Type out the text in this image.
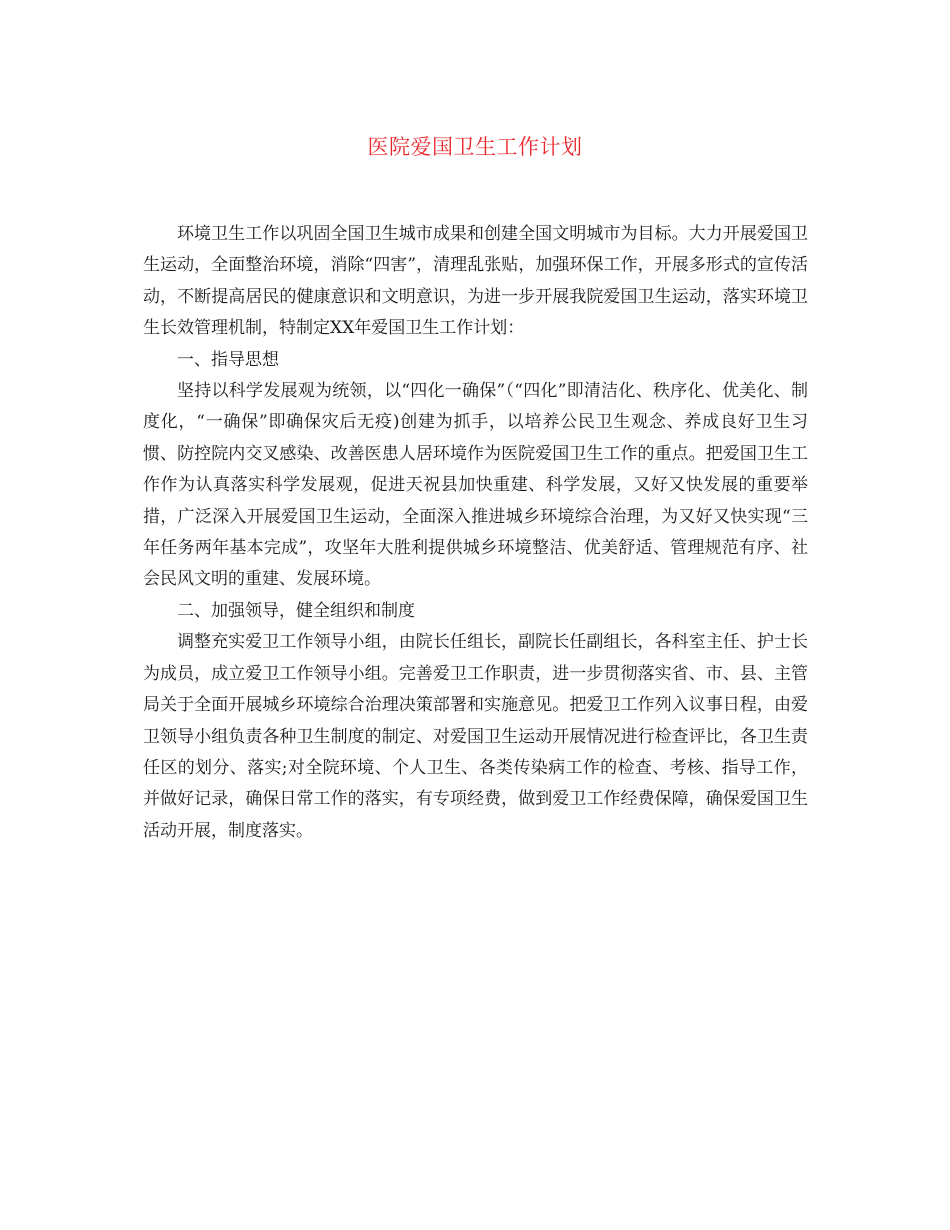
医院爱国卫生工作计划

环境卫生工作以巩固全国卫生城市成果和创建全国文明城市为目标。大力开展爱国卫生运动，全面整治环境，消除“四害”，清理乱张贴，加强环保工作，开展多形式的宣传活动，不断提高居民的健康意识和文明意识，为进一步开展我院爱国卫生运动，落实环境卫生长效管理机制，特制定XX年爱国卫生工作计划：

一、指导思想

坚持以科学发展观为统领，以“四化一确保”（“四化”即清洁化、秩序化、优美化、制度化，“一确保”即确保灾后无疫)创建为抓手，以培养公民卫生观念、养成良好卫生习惯、防控院内交叉感染、改善医患人居环境作为医院爱国卫生工作的重点。把爱国卫生工作作为认真落实科学发展观，促进天祝县加快重建、科学发展，又好又快发展的重要举措，广泛深入开展爱国卫生运动，全面深入推进城乡环境综合治理，为又好又快实现“三年任务两年基本完成”，攻坚年大胜利提供城乡环境整洁、优美舒适、管理规范有序、社会民风文明的重建、发展环境。

二、加强领导，健全组织和制度

调整充实爱卫工作领导小组，由院长任组长，副院长任副组长，各科室主任、护士长为成员，成立爱卫工作领导小组。完善爱卫工作职责，进一步贯彻落实省、市、县、主管局关于全面开展城乡环境综合治理决策部署和实施意见。把爱卫工作列入议事日程，由爱卫领导小组负责各种卫生制度的制定、对爱国卫生运动开展情况进行检查评比，各卫生责任区的划分、落实;对全院环境、个人卫生、各类传染病工作的检查、考核、指导工作，并做好记录，确保日常工作的落实，有专项经费，做到爱卫工作经费保障，确保爱国卫生活动开展，制度落实。
